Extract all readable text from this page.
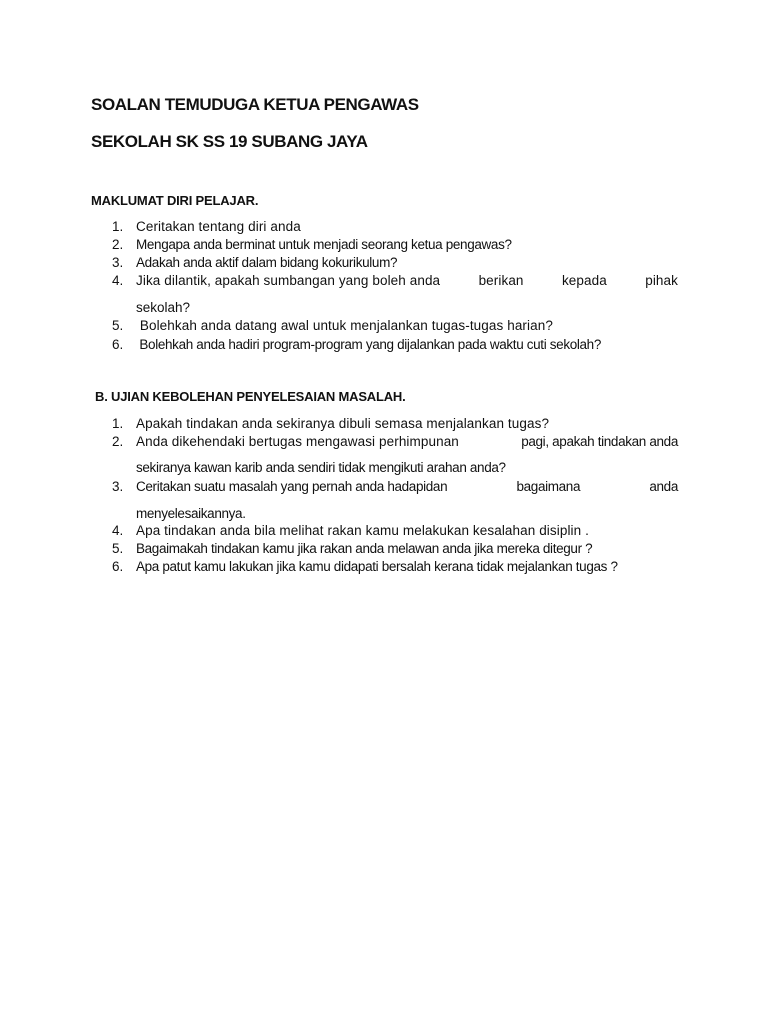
SOALAN TEMUDUGA KETUA PENGAWAS
SEKOLAH SK SS 19 SUBANG JAYA
MAKLUMAT DIRI PELAJAR.
1. Ceritakan tentang diri anda
2. Mengapa anda berminat untuk menjadi seorang ketua pengawas?
3. Adakah anda aktif dalam bidang kokurikulum?
4. Jika dilantik, apakah sumbangan yang boleh anda	berikan	kepada	pihak
sekolah?
5. Bolehkah anda datang awal untuk menjalankan tugas-tugas harian?
6. Bolehkah anda hadiri program-program yang dijalankan pada waktu cuti sekolah?
B. UJIAN KEBOLEHAN PENYELESAIAN MASALAH.
1. Apakah tindakan anda sekiranya dibuli semasa menjalankan tugas?
2. Anda dikehendaki bertugas mengawasi perhimpunan	pagi, apakah tindakan anda
sekiranya kawan karib anda sendiri tidak mengikuti arahan anda?
3. Ceritakan suatu masalah yang pernah anda hadapidan	bagaimana	anda
menyelesaikannya.
4. Apa tindakan anda bila melihat rakan kamu melakukan kesalahan disiplin .
5. Bagaimakah tindakan kamu jika rakan anda melawan anda jika mereka ditegur ?
6. Apa patut kamu lakukan jika kamu didapati bersalah kerana tidak mejalankan tugas ?
